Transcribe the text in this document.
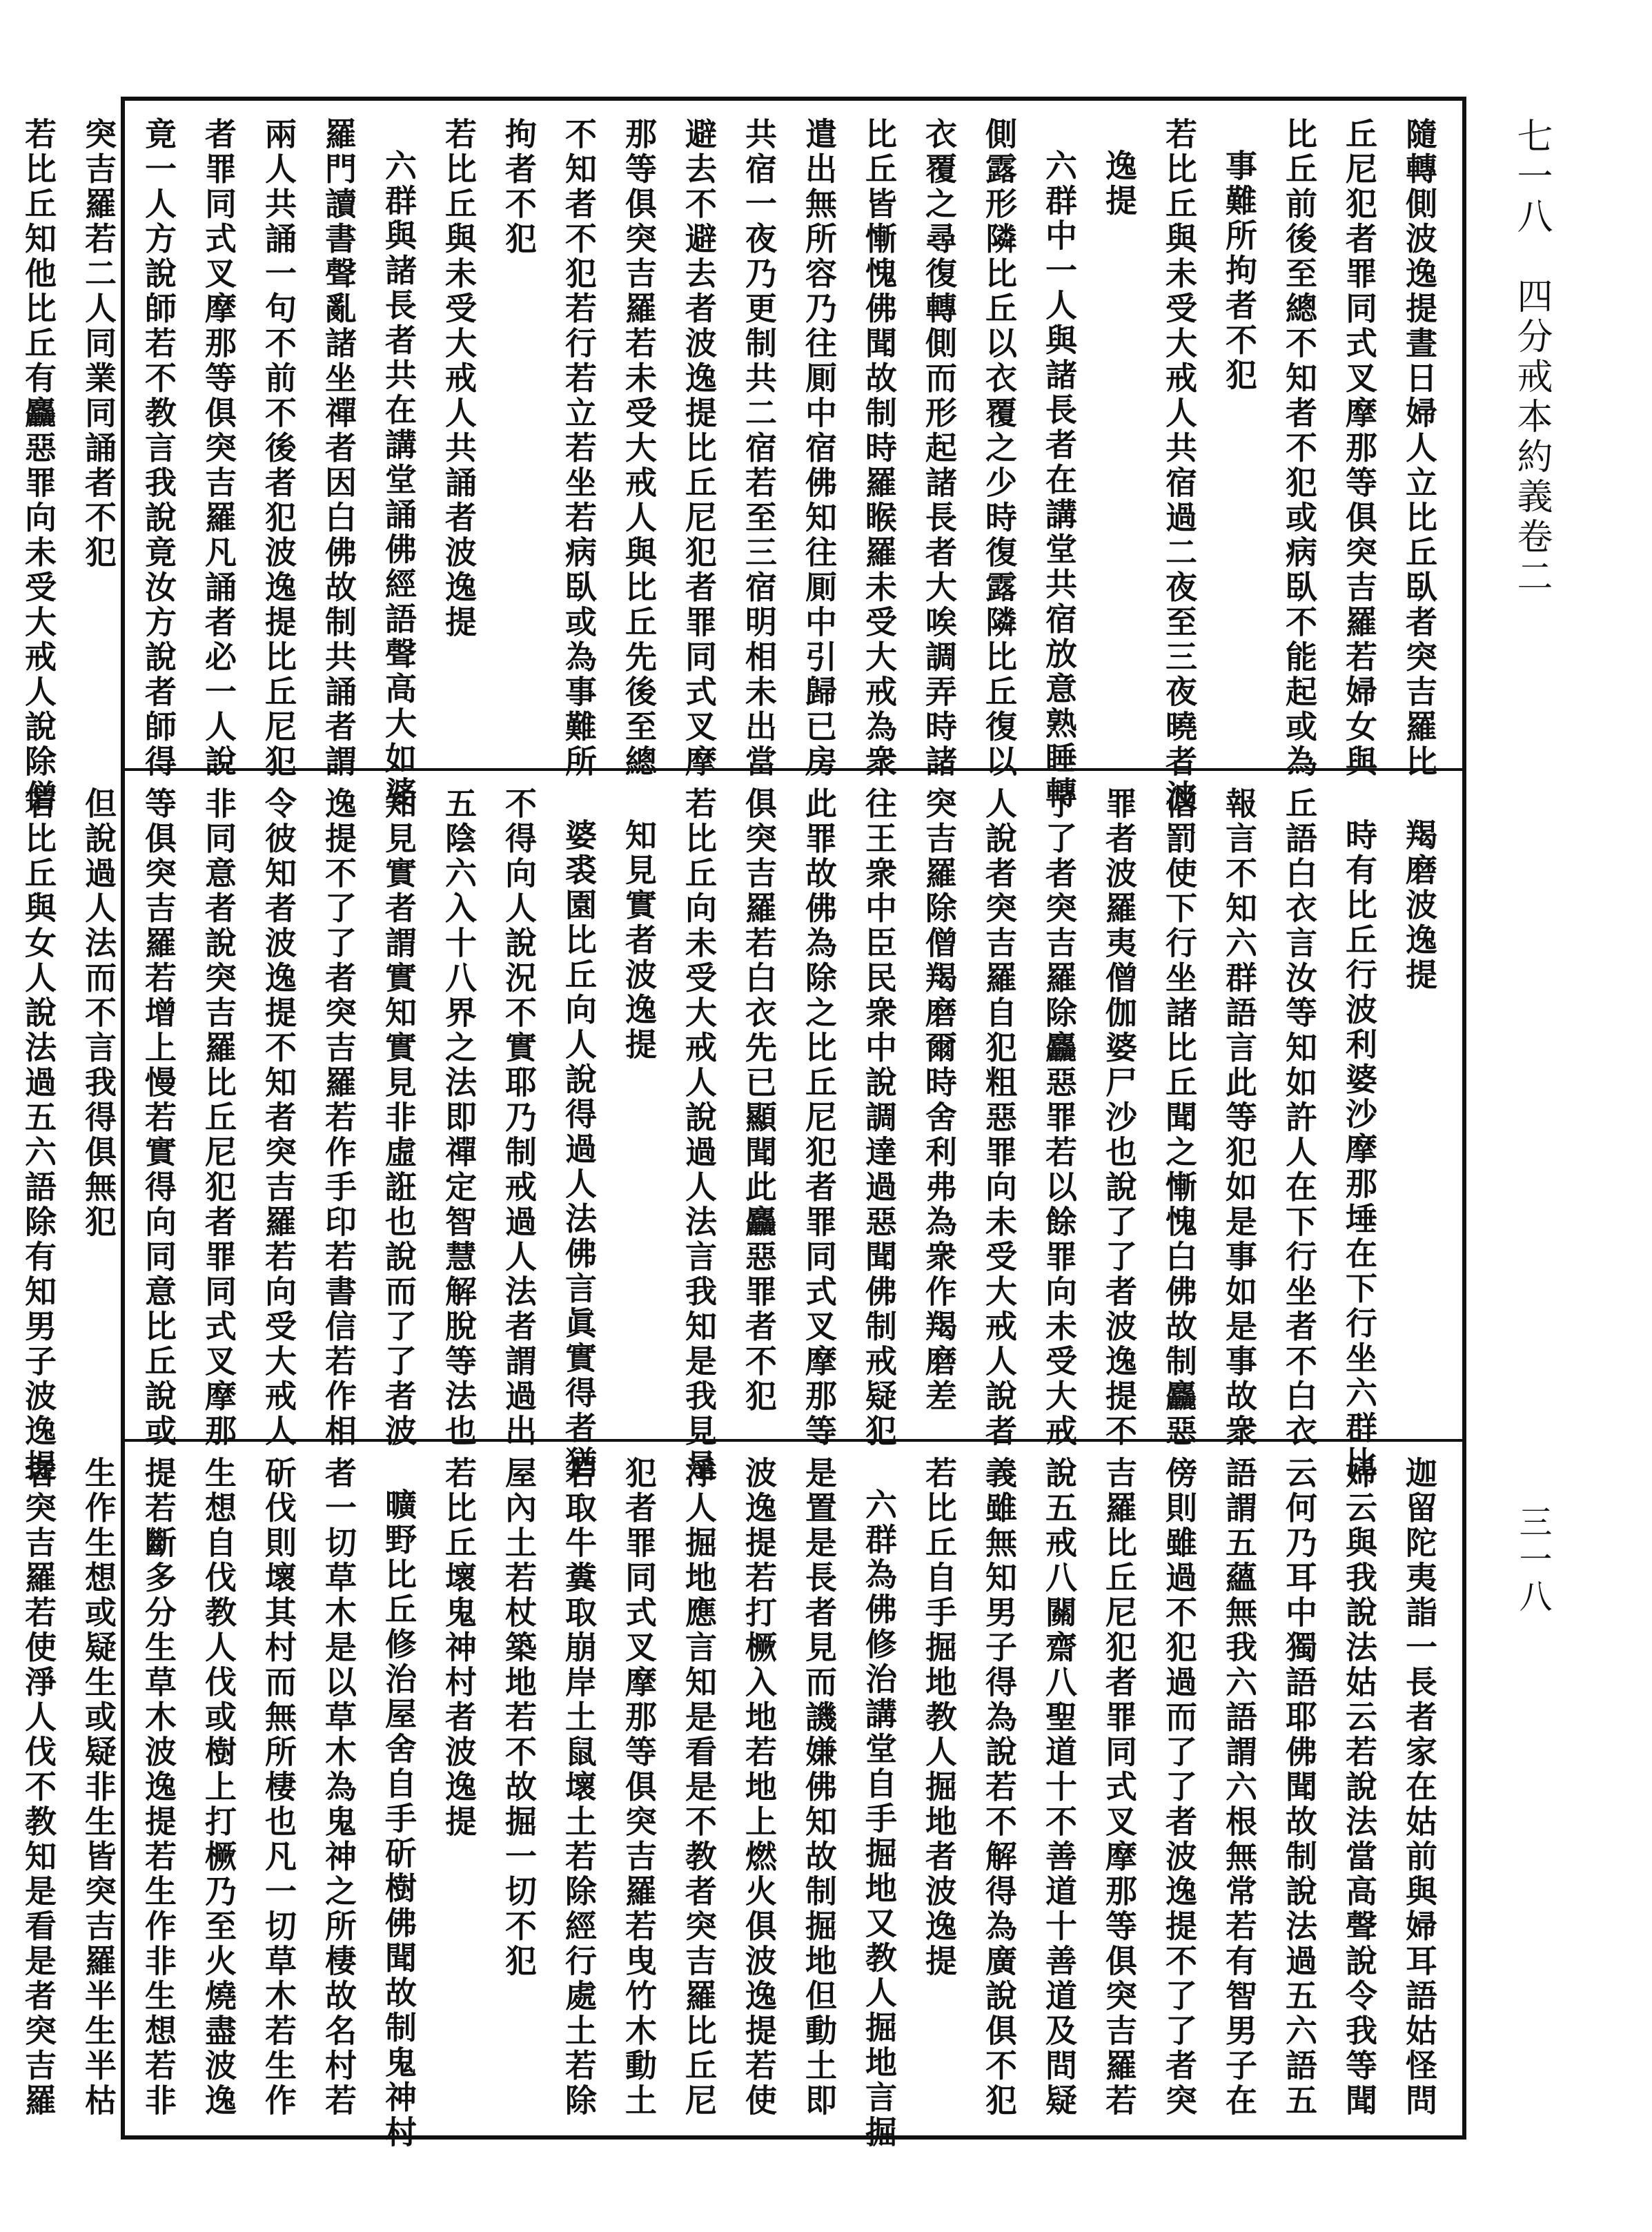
七一八　四分戒本約義卷二
三一八
隨轉側波逸提晝日婦人立比丘臥者突吉羅比
丘尼犯者罪同式叉摩那等俱突吉羅若婦女與
比丘前後至總不知者不犯或病臥不能起或為
事難所拘者不犯
若比丘與未受大戒人共宿過二夜至三夜曉者波
逸提
六群中一人與諸長者在講堂共宿放意熟睡轉
側露形隣比丘以衣覆之少時復露隣比丘復以
衣覆之尋復轉側而形起諸長者大唉調弄時諸
比丘皆慚愧佛聞故制時羅睺羅未受大戒為衆
遣出無所容乃往厠中宿佛知往厠中引歸已房
共宿一夜乃更制共二宿若至三宿明相未出當
避去不避去者波逸提比丘尼犯者罪同式叉摩
那等俱突吉羅若未受大戒人與比丘先後至總
不知者不犯若行若立若坐若病臥或為事難所
拘者不犯
若比丘與未受大戒人共誦者波逸提
六群與諸長者共在講堂誦佛經語聲高大如婆
羅門讀書聲亂諸坐禪者因白佛故制共誦者謂
兩人共誦一句不前不後者犯波逸提比丘尼犯
者罪同式叉摩那等俱突吉羅凡誦者必一人說
竟一人方說師若不教言我說竟汝方說者師得
突吉羅若二人同業同誦者不犯
若比丘知他比丘有麤惡罪向未受大戒人說除僧
羯磨波逸提
時有比丘行波利婆沙摩那埵在下行坐六群比
丘語白衣言汝等知如許人在下行坐者不白衣
報言不知六群語言此等犯如是事如是事故衆
僧罰使下行坐諸比丘聞之慚愧白佛故制麤惡
罪者波羅夷僧伽婆尸沙也說了了者波逸提不
了了者突吉羅除麤惡罪若以餘罪向未受大戒
人說者突吉羅自犯粗惡罪向未受大戒人說者
突吉羅除僧羯磨爾時舍利弗為衆作羯磨差
往王衆中臣民衆中說調達過惡聞佛制戒疑犯
此罪故佛為除之比丘尼犯者罪同式叉摩那等
俱突吉羅若白衣先已顯聞此麤惡罪者不犯
若比丘向未受大戒人說過人法言我知是我見是
知見實者波逸提
婆裘園比丘向人說得過人法佛言眞實得者猶
不得向人說況不實耶乃制戒過人法者謂過出
五陰六入十八界之法即禪定智慧解脫等法也
知見實者謂實知實見非虛誑也說而了了者波
逸提不了了者突吉羅若作手印若書信若作相
令彼知者波逸提不知者突吉羅若向受大戒人
非同意者說突吉羅比丘尼犯者罪同式叉摩那
等俱突吉羅若增上慢若實得向同意比丘說或
但說過人法而不言我得俱無犯
若比丘與女人說法過五六語除有知男子波逸提
迦留陀夷詣一長者家在姑前與婦耳語姑怪問
婦云與我說法姑云若說法當高聲說令我等聞
云何乃耳中獨語耶佛聞故制說法過五六語五
語謂五蘊無我六語謂六根無常若有智男子在
傍則雖過不犯過而了了者波逸提不了了者突
吉羅比丘尼犯者罪同式叉摩那等俱突吉羅若
說五戒八關齋八聖道十不善道十善道及問疑
義雖無知男子得為說若不解得為廣說俱不犯
若比丘自手掘地教人掘地者波逸提
六群為佛修治講堂自手掘地又教人掘地言掘
是置是長者見而譏嫌佛知故制掘地但動土即
波逸提若打橛入地若地上燃火俱波逸提若使
淨人掘地應言知是看是不教者突吉羅比丘尼
犯者罪同式叉摩那等俱突吉羅若曳竹木動土
若取牛糞取崩岸土鼠壞土若除經行處土若除
屋內土若杖築地若不故掘一切不犯
若比丘壞鬼神村者波逸提
曠野比丘修治屋舍自手斫樹佛聞故制鬼神村
者一切草木是以草木為鬼神之所棲故名村若
斫伐則壞其村而無所棲也凡一切草木若生作
生想自伐教人伐或樹上打橛乃至火燒盡波逸
提若斷多分生草木波逸提若生作非生想若非
生作生想或疑生或疑非生皆突吉羅半生半枯
者突吉羅若使淨人伐不教知是看是者突吉羅
